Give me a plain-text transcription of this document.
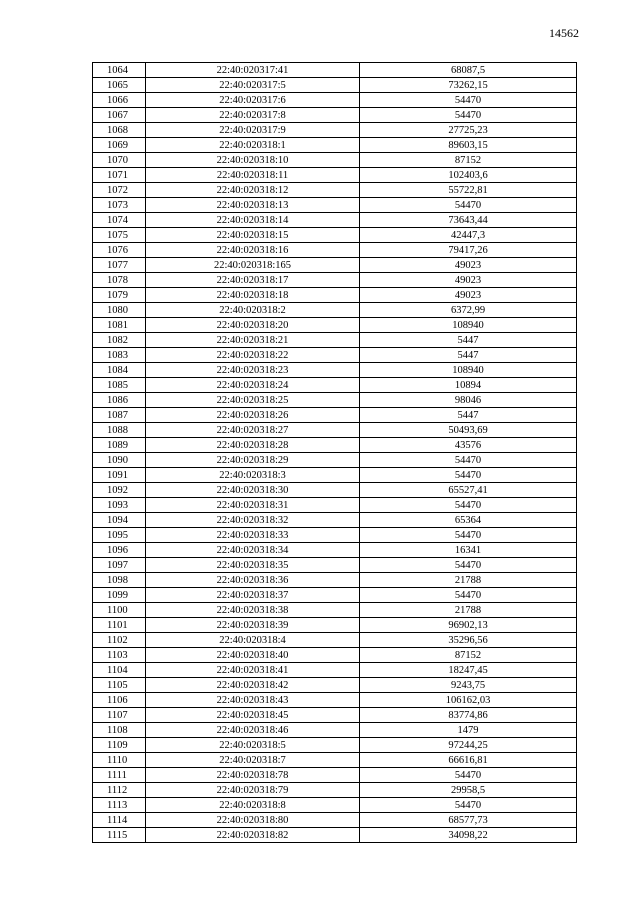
14562
1064	22:40:020317:41	68087,5
1065	22:40:020317:5	73262,15
1066	22:40:020317:6	54470
1067	22:40:020317:8	54470
1068	22:40:020317:9	27725,23
1069	22:40:020318:1	89603,15
1070	22:40:020318:10	87152
1071	22:40:020318:11	102403,6
1072	22:40:020318:12	55722,81
1073	22:40:020318:13	54470
1074	22:40:020318:14	73643,44
1075	22:40:020318:15	42447,3
1076	22:40:020318:16	79417,26
1077	22:40:020318:165	49023
1078	22:40:020318:17	49023
1079	22:40:020318:18	49023
1080	22:40:020318:2	6372,99
1081	22:40:020318:20	108940
1082	22:40:020318:21	5447
1083	22:40:020318:22	5447
1084	22:40:020318:23	108940
1085	22:40:020318:24	10894
1086	22:40:020318:25	98046
1087	22:40:020318:26	5447
1088	22:40:020318:27	50493,69
1089	22:40:020318:28	43576
1090	22:40:020318:29	54470
1091	22:40:020318:3	54470
1092	22:40:020318:30	65527,41
1093	22:40:020318:31	54470
1094	22:40:020318:32	65364
1095	22:40:020318:33	54470
1096	22:40:020318:34	16341
1097	22:40:020318:35	54470
1098	22:40:020318:36	21788
1099	22:40:020318:37	54470
1100	22:40:020318:38	21788
1101	22:40:020318:39	96902,13
1102	22:40:020318:4	35296,56
1103	22:40:020318:40	87152
1104	22:40:020318:41	18247,45
1105	22:40:020318:42	9243,75
1106	22:40:020318:43	106162,03
1107	22:40:020318:45	83774,86
1108	22:40:020318:46	1479
1109	22:40:020318:5	97244,25
1110	22:40:020318:7	66616,81
1111	22:40:020318:78	54470
1112	22:40:020318:79	29958,5
1113	22:40:020318:8	54470
1114	22:40:020318:80	68577,73
1115	22:40:020318:82	34098,22
